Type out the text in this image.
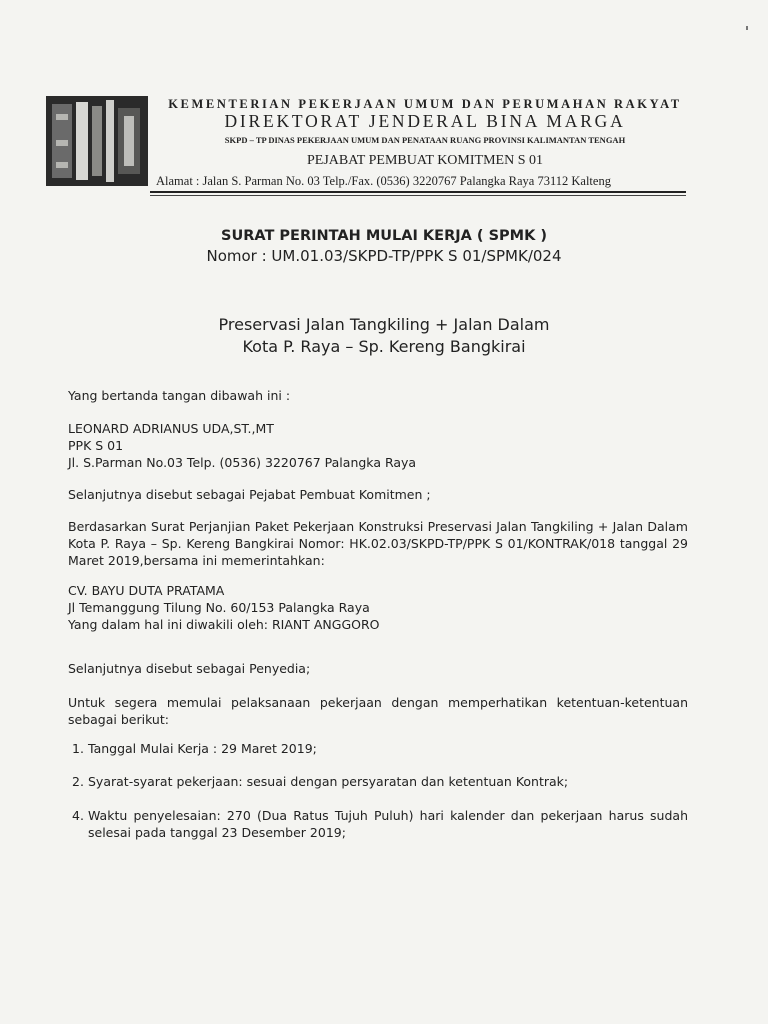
KEMENTERIAN PEKERJAAN UMUM DAN PERUMAHAN RAKYAT
DIREKTORAT JENDERAL BINA MARGA
SKPD – TP DINAS PEKERJAAN UMUM DAN PENATAAN RUANG PROVINSI KALIMANTAN TENGAH
PEJABAT PEMBUAT KOMITMEN S 01
Alamat : Jalan S. Parman No. 03 Telp./Fax. (0536) 3220767 Palangka Raya 73112 Kalteng
SURAT PERINTAH MULAI KERJA ( SPMK )
Nomor : UM.01.03/SKPD-TP/PPK S 01/SPMK/024
Preservasi Jalan Tangkiling + Jalan Dalam
Kota P. Raya – Sp. Kereng Bangkirai
Yang bertanda tangan dibawah ini :
LEONARD ADRIANUS UDA,ST.,MT
PPK S 01
Jl. S.Parman No.03 Telp. (0536) 3220767 Palangka Raya
Selanjutnya disebut sebagai Pejabat Pembuat Komitmen ;
Berdasarkan Surat Perjanjian Paket Pekerjaan Konstruksi Preservasi Jalan Tangkiling + Jalan Dalam Kota P. Raya – Sp. Kereng Bangkirai Nomor: HK.02.03/SKPD-TP/PPK S 01/KONTRAK/018 tanggal 29 Maret 2019,bersama ini memerintahkan:
CV. BAYU DUTA PRATAMA
Jl Temanggung Tilung No. 60/153 Palangka Raya
Yang dalam hal ini diwakili oleh: RIANT ANGGORO
Selanjutnya disebut sebagai Penyedia;
Untuk segera memulai pelaksanaan pekerjaan dengan memperhatikan ketentuan-ketentuan sebagai berikut:
1. Tanggal Mulai Kerja : 29 Maret 2019;
2. Syarat-syarat pekerjaan: sesuai dengan persyaratan dan ketentuan Kontrak;
4. Waktu penyelesaian: 270 (Dua Ratus Tujuh Puluh) hari kalender dan pekerjaan harus sudah selesai pada tanggal 23 Desember 2019;
